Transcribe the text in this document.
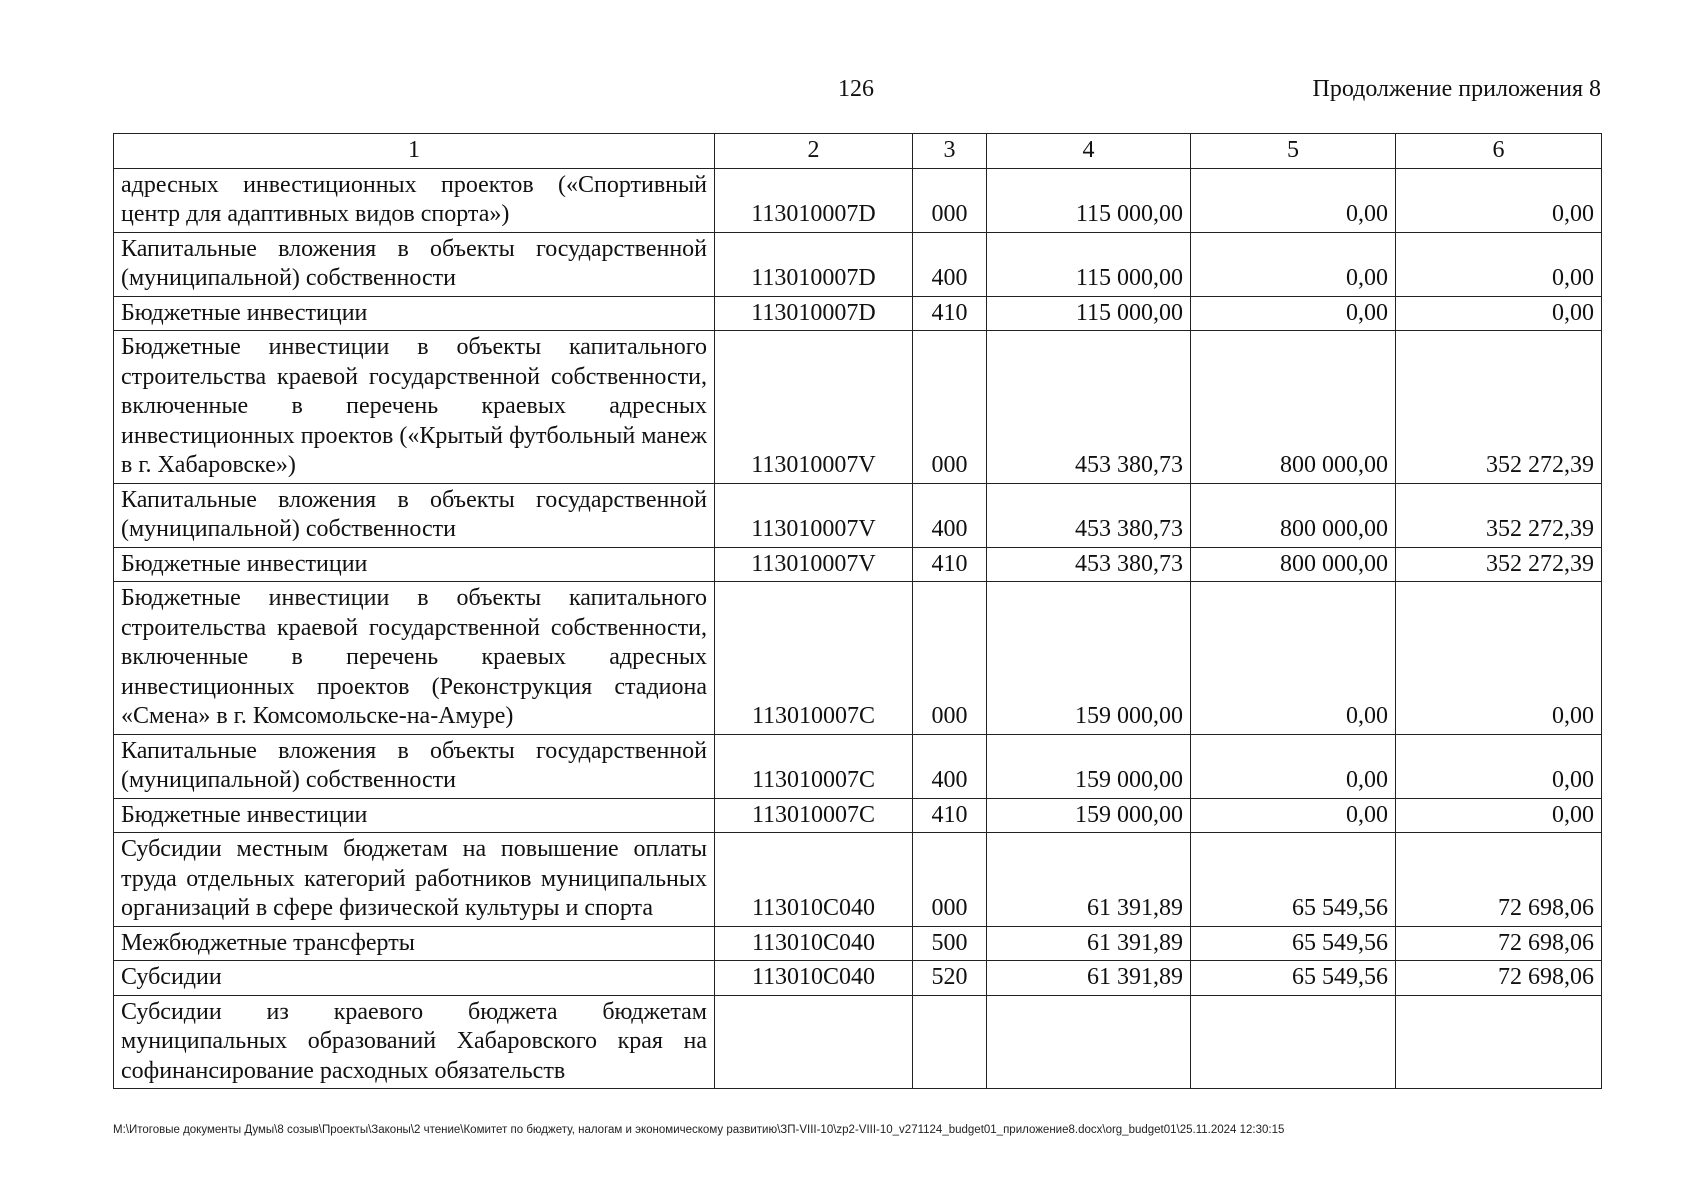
126	Продолжение приложения 8
1	2	3	4	5	6
адресных инвестиционных проектов («Спортивный центр для адаптивных видов спорта»)	113010007D	000	115 000,00	0,00	0,00
Капитальные вложения в объекты государственной (муниципальной) собственности	113010007D	400	115 000,00	0,00	0,00
Бюджетные инвестиции	113010007D	410	115 000,00	0,00	0,00
Бюджетные инвестиции в объекты капитального строительства краевой государственной собственности, включенные в перечень краевых адресных инвестиционных проектов («Крытый футбольный манеж в г. Хабаровске»)	113010007V	000	453 380,73	800 000,00	352 272,39
Капитальные вложения в объекты государственной (муниципальной) собственности	113010007V	400	453 380,73	800 000,00	352 272,39
Бюджетные инвестиции	113010007V	410	453 380,73	800 000,00	352 272,39
Бюджетные инвестиции в объекты капитального строительства краевой государственной собственности, включенные в перечень краевых адресных инвестиционных проектов (Реконструкция стадиона «Смена» в г. Комсомольске-на-Амуре)	113010007C	000	159 000,00	0,00	0,00
Капитальные вложения в объекты государственной (муниципальной) собственности	113010007C	400	159 000,00	0,00	0,00
Бюджетные инвестиции	113010007C	410	159 000,00	0,00	0,00
Субсидии местным бюджетам на повышение оплаты труда отдельных категорий работников муниципальных организаций в сфере физической культуры и спорта	113010C040	000	61 391,89	65 549,56	72 698,06
Межбюджетные трансферты	113010C040	500	61 391,89	65 549,56	72 698,06
Субсидии	113010C040	520	61 391,89	65 549,56	72 698,06
Субсидии из краевого бюджета бюджетам муниципальных образований Хабаровского края на софинансирование расходных обязательств					
M:\Итоговые документы Думы\8 созыв\Проекты\Законы\2 чтение\Комитет по бюджету, налогам и экономическому развитию\ЗП-VIII-10\zp2-VIII-10_v271124_budget01_приложение8.docx\org_budget01\25.11.2024 12:30:15
